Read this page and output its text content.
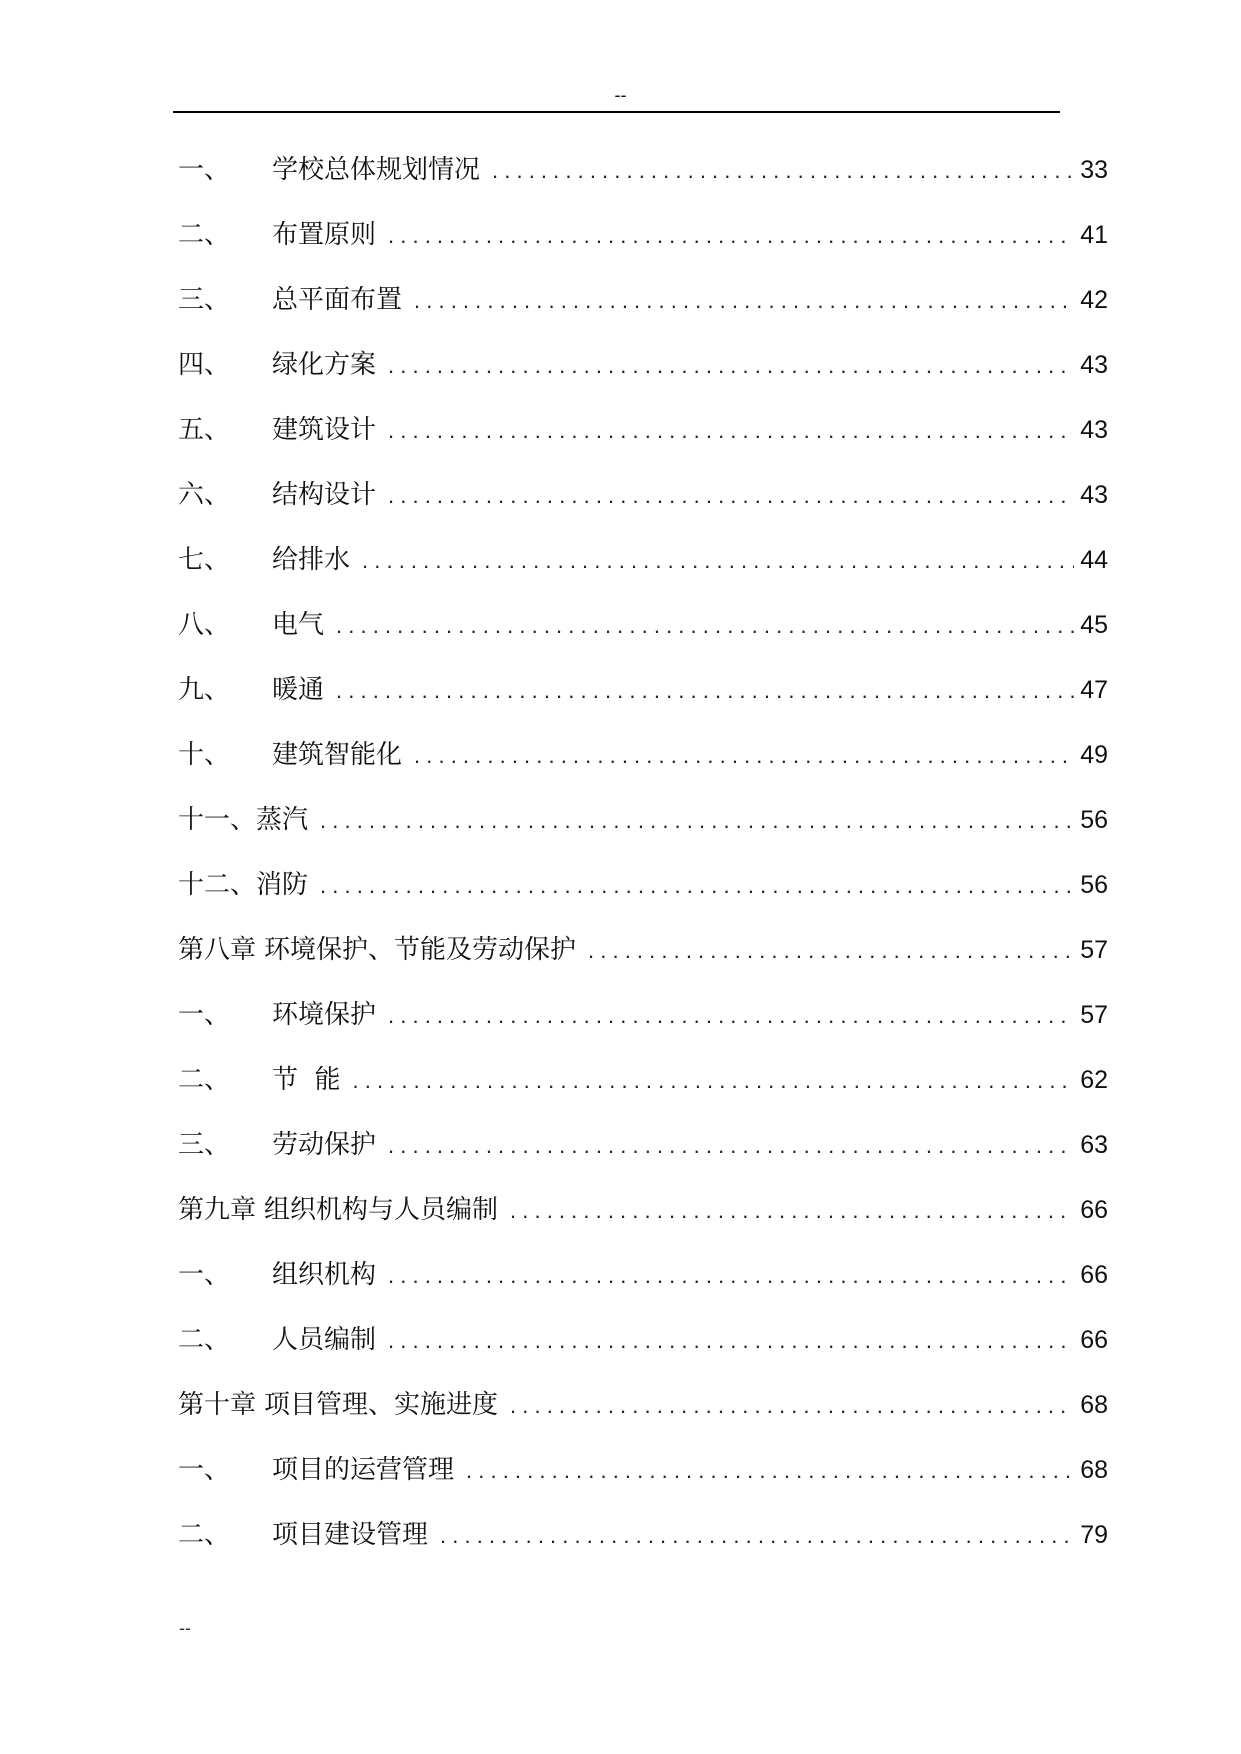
--
一、	学校总体规划情况 . . .	33
二、	布置原则 . . .	41
三、	总平面布置 . . .	42
四、	绿化方案 . . .	43
五、	建筑设计 . . .	43
六、	结构设计 . . .	43
七、	给排水 . . .	44
八、	电气 . . .	45
九、	暖通 . . .	47
十、	建筑智能化 . . .	49
十一、 蒸汽 . . .	56
十二、 消防 . . .	56
第八章 环境保护、节能及劳动保护 . . .	57
一、	环境保护 . . .	57
二、	节  能 . . .	62
三、	劳动保护 . . .	63
第九章 组织机构与人员编制 . . .	66
一、	组织机构 . . .	66
二、	人员编制 . . .	66
第十章 项目管理、实施进度 . . .	68
一、	项目的运营管理 . . .	68
二、	项目建设管理 . . .	79
--
